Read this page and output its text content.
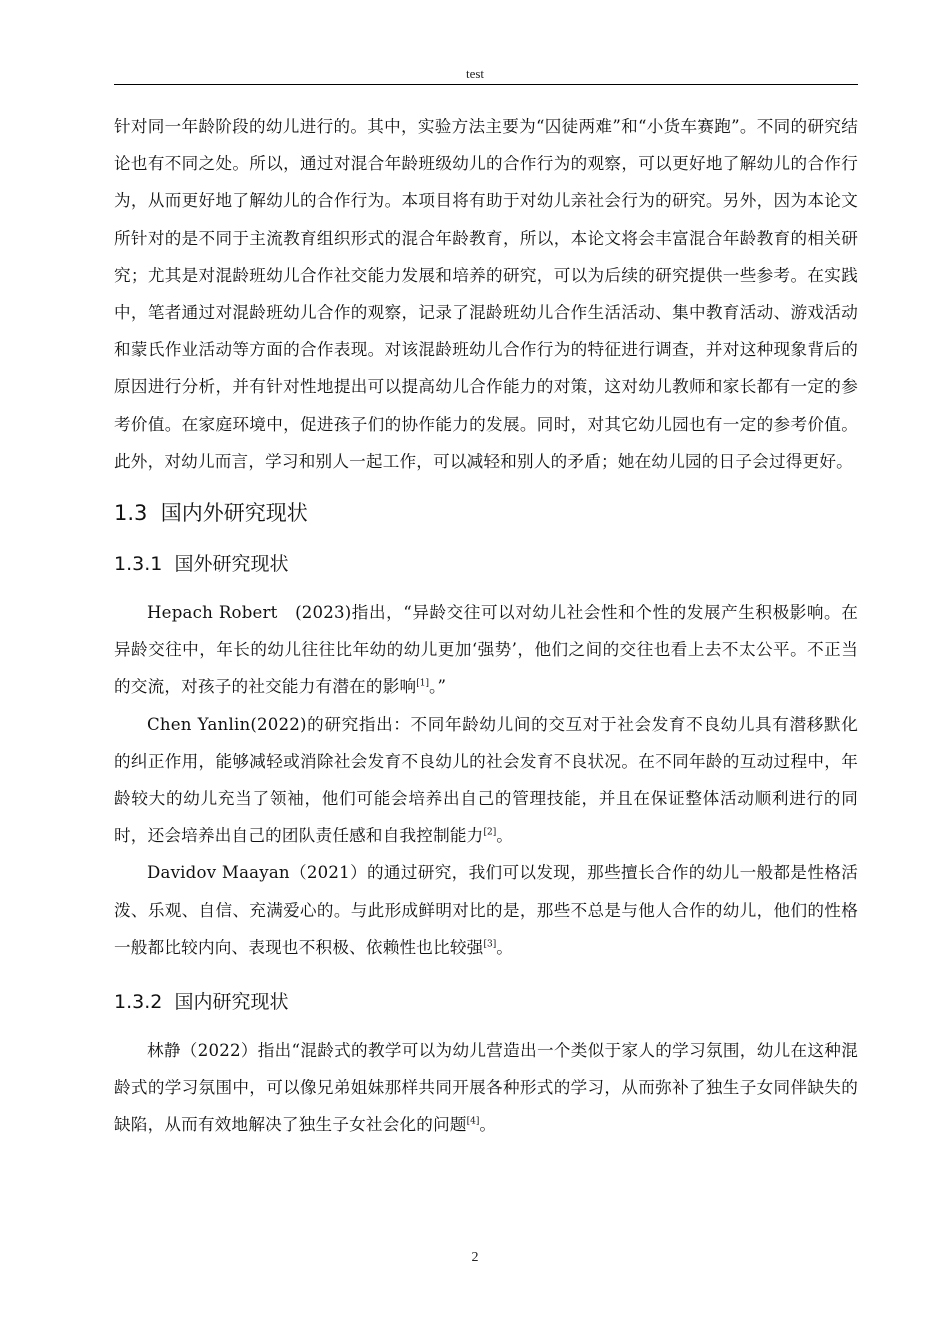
test

针对同一年龄阶段的幼儿进行的。其中，实验方法主要为“囚徒两难”和“小货车赛跑”。不同的研究结论也有不同之处。所以，通过对混合年龄班级幼儿的合作行为的观察，可以更好地了解幼儿的合作行为，从而更好地了解幼儿的合作行为。本项目将有助于对幼儿亲社会行为的研究。另外，因为本论文所针对的是不同于主流教育组织形式的混合年龄教育，所以，本论文将会丰富混合年龄教育的相关研究；尤其是对混龄班幼儿合作社交能力发展和培养的研究，可以为后续的研究提供一些参考。在实践中，笔者通过对混龄班幼儿合作的观察，记录了混龄班幼儿合作生活活动、集中教育活动、游戏活动和蒙氏作业活动等方面的合作表现。对该混龄班幼儿合作行为的特征进行调查，并对这种现象背后的原因进行分析，并有针对性地提出可以提高幼儿合作能力的对策，这对幼儿教师和家长都有一定的参考价值。在家庭环境中，促进孩子们的协作能力的发展。同时，对其它幼儿园也有一定的参考价值。此外，对幼儿而言，学习和别人一起工作，可以减轻和别人的矛盾；她在幼儿园的日子会过得更好。

1.3 国内外研究现状
1.3.1 国外研究现状

Hepach Robert　(2023)指出，“异龄交往可以对幼儿社会性和个性的发展产生积极影响。在异龄交往中，年长的幼儿往往比年幼的幼儿更加‘强势’，他们之间的交往也看上去不太公平。不正当的交流，对孩子的社交能力有潜在的影响[1]。”

Chen Yanlin(2022)的研究指出：不同年龄幼儿间的交互对于社会发育不良幼儿具有潜移默化的纠正作用，能够减轻或消除社会发育不良幼儿的社会发育不良状况。在不同年龄的互动过程中，年龄较大的幼儿充当了领袖，他们可能会培养出自己的管理技能，并且在保证整体活动顺利进行的同时，还会培养出自己的团队责任感和自我控制能力[2]。

Davidov Maayan（2021）的通过研究，我们可以发现，那些擅长合作的幼儿一般都是性格活泼、乐观、自信、充满爱心的。与此形成鲜明对比的是，那些不总是与他人合作的幼儿，他们的性格一般都比较内向、表现也不积极、依赖性也比较强[3]。

1.3.2 国内研究现状

林静（2022）指出“混龄式的教学可以为幼儿营造出一个类似于家人的学习氛围，幼儿在这种混龄式的学习氛围中，可以像兄弟姐妹那样共同开展各种形式的学习，从而弥补了独生子女同伴缺失的缺陷，从而有效地解决了独生子女社会化的问题[4]。

2
